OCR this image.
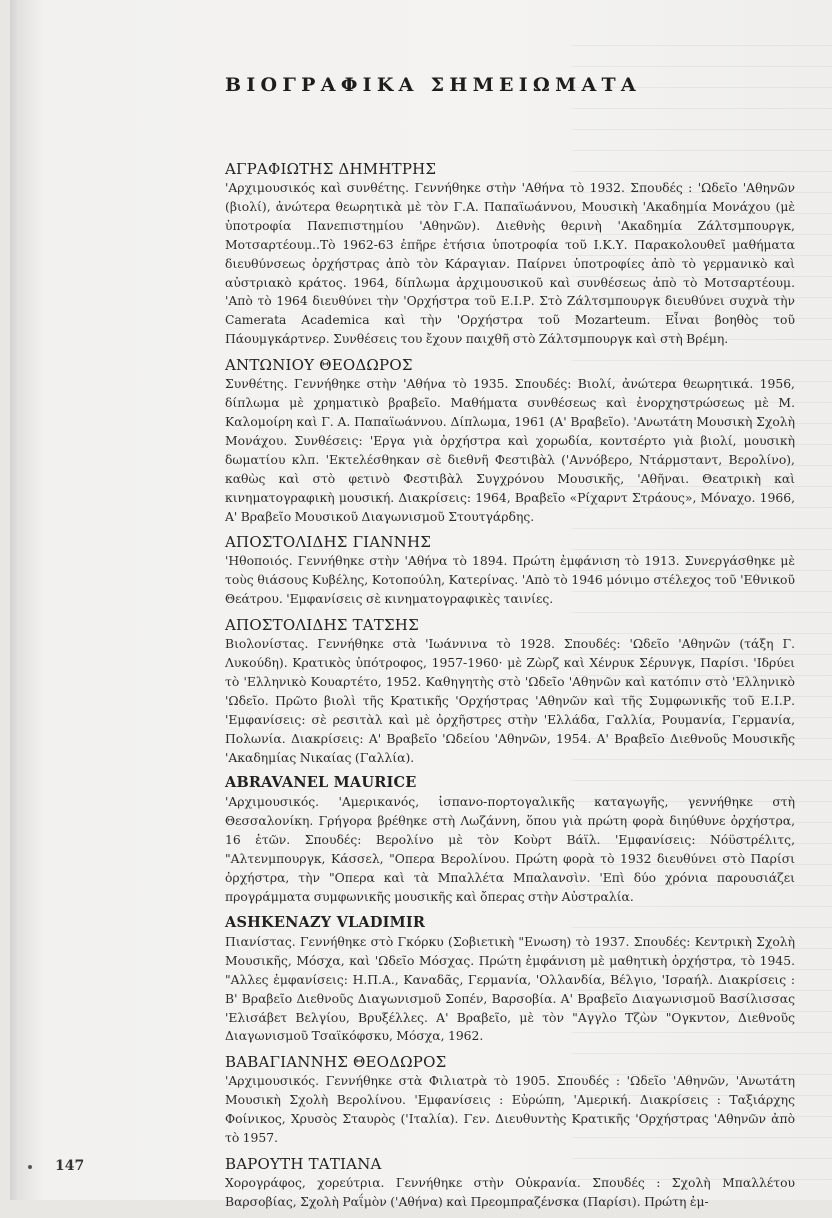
ΒΙΟΓΡΑΦΙΚΑ ΣΗΜΕΙΩΜΑΤΑ
ΑΓΡΑΦΙΩΤΗΣ ΔΗΜΗΤΡΗΣ
'Αρχιμουσικός καὶ συνθέτης. Γεννήθηκε στὴν 'Αθήνα τὸ 1932. Σπουδές : 'Ωδεῖο 'Αθηνῶν (βιολί), ἀνώτερα θεωρητικὰ μὲ τὸν Γ.Α. Παπαϊωάννου, Μουσικὴ 'Ακαδημία Μονάχου (μὲ ὑποτροφία Πανεπιστημίου 'Αθηνῶν). Διεθνὴς θερινὴ 'Ακαδημία Ζάλτσμπουργκ, Μοτσαρτέουμ..Τὸ 1962-63 ἐπῆρε ἐτήσια ὑποτροφία τοῦ Ι.Κ.Υ. Παρακολουθεῖ μαθήματα διευθύνσεως ὀρχήστρας ἀπὸ τὸν Κάραγιαν. Παίρνει ὑποτροφίες ἀπὸ τὸ γερμανικὸ καὶ αὐστριακὸ κράτος. 1964, δίπλωμα ἀρχιμουσικοῦ καὶ συνθέσεως ἀπὸ τὸ Μοτσαρτέουμ. 'Απὸ τὸ 1964 διευθύνει τὴν 'Ορχήστρα τοῦ Ε.Ι.Ρ. Στὸ Ζάλτσμπουργκ διευθύνει συχνὰ τὴν Camerata Academica καὶ τὴν 'Ορχήστρα τοῦ Mozarteum. Εἶναι βοηθὸς τοῦ Πάουμγκάρτνερ. Συνθέσεις του ἔχουν παιχθῆ στὸ Ζάλτσμπουργκ καὶ στὴ Βρέμη.
ΑΝΤΩΝΙΟΥ ΘΕΟΔΩΡΟΣ
Συνθέτης. Γεννήθηκε στὴν 'Αθήνα τὸ 1935. Σπουδές: Βιολί, ἀνώτερα θεωρητικά. 1956, δίπλωμα μὲ χρηματικὸ βραβεῖο. Μαθήματα συνθέσεως καὶ ἐνορχηστρώσεως μὲ Μ. Καλομοίρη καὶ Γ. Α. Παπαϊωάννου. Δίπλωμα, 1961 (Α' Βραβεῖο). 'Ανωτάτη Μουσικὴ Σχολὴ Μονάχου. Συνθέσεις: 'Εργα γιὰ ὀρχήστρα καὶ χορωδία, κοντσέρτο γιὰ βιολί, μουσικὴ δωματίου κλπ. 'Εκτελέσθηκαν σὲ διεθνῆ Φεστιβὰλ ('Αννόβερο, Ντάρμσταντ, Βερολίνο), καθὼς καὶ στὸ φετινὸ Φεστιβὰλ Συγχρόνου Μουσικῆς, 'Αθῆναι. Θεατρικὴ καὶ κινηματογραφικὴ μουσική. Διακρίσεις: 1964, Βραβεῖο «Ρίχαρντ Στράους», Μόναχο. 1966, Α' Βραβεῖο Μουσικοῦ Διαγωνισμοῦ Στουτγάρδης.
ΑΠΟΣΤΟΛΙΔΗΣ ΓΙΑΝΝΗΣ
'Ηθοποιός. Γεννήθηκε στὴν 'Αθήνα τὸ 1894. Πρώτη ἐμφάνιση τὸ 1913. Συνεργάσθηκε μὲ τοὺς θιάσους Κυβέλης, Κοτοπούλη, Κατερίνας. 'Απὸ τὸ 1946 μόνιμο στέλεχος τοῦ 'Εθνικοῦ Θεάτρου. 'Εμφανίσεις σὲ κινηματογραφικὲς ταινίες.
ΑΠΟΣΤΟΛΙΔΗΣ ΤΑΤΣΗΣ
Βιολονίστας. Γεννήθηκε στὰ 'Ιωάννινα τὸ 1928. Σπουδές: 'Ωδεῖο 'Αθηνῶν (τάξη Γ. Λυκούδη). Κρατικὸς ὑπότροφος, 1957-1960· μὲ Ζὼρζ καὶ Χένρυκ Σέρυνγκ, Παρίσι. 'Ιδρύει τὸ 'Ελληνικὸ Κουαρτέτο, 1952. Καθηγητὴς στὸ 'Ωδεῖο 'Αθηνῶν καὶ κατόπιν στὸ 'Ελληνικὸ 'Ωδεῖο. Πρῶτο βιολὶ τῆς Κρατικῆς 'Ορχήστρας 'Αθηνῶν καὶ τῆς Συμφωνικῆς τοῦ Ε.Ι.Ρ. 'Εμφανίσεις: σὲ ρεσιτὰλ καὶ μὲ ὀρχῆστρες στὴν 'Ελλάδα, Γαλλία, Ρουμανία, Γερμανία, Πολωνία. Διακρίσεις: Α' Βραβεῖο 'Ωδείου 'Αθηνῶν, 1954. Α' Βραβεῖο Διεθνοῦς Μουσικῆς 'Ακαδημίας Νικαίας (Γαλλία).
ABRAVANEL MAURICE
'Αρχιμουσικός. 'Αμερικανός, ἱσπανο-πορτογαλικῆς καταγωγῆς, γεννήθηκε στὴ Θεσσαλονίκη. Γρήγορα βρέθηκε στὴ Λωζάννη, ὅπου γιὰ πρώτη φορὰ διηύθυνε ὀρχήστρα, 16 ἐτῶν. Σπουδές: Βερολίνο μὲ τὸν Κοὺρτ Βάϊλ. 'Εμφανίσεις: Νόϋστρέλιτς, "Αλτενμπουργκ, Κάσσελ, "Οπερα Βερολίνου. Πρώτη φορὰ τὸ 1932 διευθύνει στὸ Παρίσι ὀρχήστρα, τὴν "Οπερα καὶ τὰ Μπαλλέτα Μπαλανσὶν. 'Επὶ δύο χρόνια παρουσιάζει προγράμματα συμφωνικῆς μουσικῆς καὶ ὄπερας στὴν Αὐστραλία.
ASHKENAZY VLADIMIR
Πιανίστας. Γεννήθηκε στὸ Γκόρκυ (Σοβιετικὴ "Ενωση) τὸ 1937. Σπουδές: Κεντρικὴ Σχολὴ Μουσικῆς, Μόσχα, καὶ 'Ωδεῖο Μόσχας. Πρώτη ἐμφάνιση μὲ μαθητικὴ ὀρχήστρα, τὸ 1945. "Αλλες ἐμφανίσεις: Η.Π.Α., Καναδᾶς, Γερμανία, 'Ολλανδία, Βέλγιο, 'Ισραήλ. Διακρίσεις : Β' Βραβεῖο Διεθνοῦς Διαγωνισμοῦ Σοπέν, Βαρσοβία. Α' Βραβεῖο Διαγωνισμοῦ Βασίλισσας 'Ελισάβετ Βελγίου, Βρυξέλλες. Α' Βραβεῖο, μὲ τὸν "Αγγλο Τζὼν "Ογκντον, Διεθνοῦς Διαγωνισμοῦ Τσαϊκόφσκυ, Μόσχα, 1962.
ΒΑΒΑΓΙΑΝΝΗΣ ΘΕΟΔΩΡΟΣ
'Αρχιμουσικός. Γεννήθηκε στὰ Φιλιατρὰ τὸ 1905. Σπουδές : 'Ωδεῖο 'Αθηνῶν, 'Ανωτάτη Μουσικὴ Σχολὴ Βερολίνου. 'Εμφανίσεις : Εὐρώπη, 'Αμερική. Διακρίσεις : Ταξιάρχης Φοίνικος, Χρυσὸς Σταυρὸς ('Ιταλία). Γεν. Διευθυντὴς Κρατικῆς 'Ορχήστρας 'Αθηνῶν ἀπὸ τὸ 1957.
ΒΑΡΟΥΤΗ ΤΑΤΙΑΝΑ
Χορογράφος, χορεύτρια. Γεννήθηκε στὴν Οὐκρανία. Σπουδές : Σχολὴ Μπαλλέτου Βαρσοβίας, Σχολὴ Ραΐμὸν ('Αθήνα) καὶ Πρεομπραζένσκα (Παρίσι). Πρώτη ἐμ-
147
